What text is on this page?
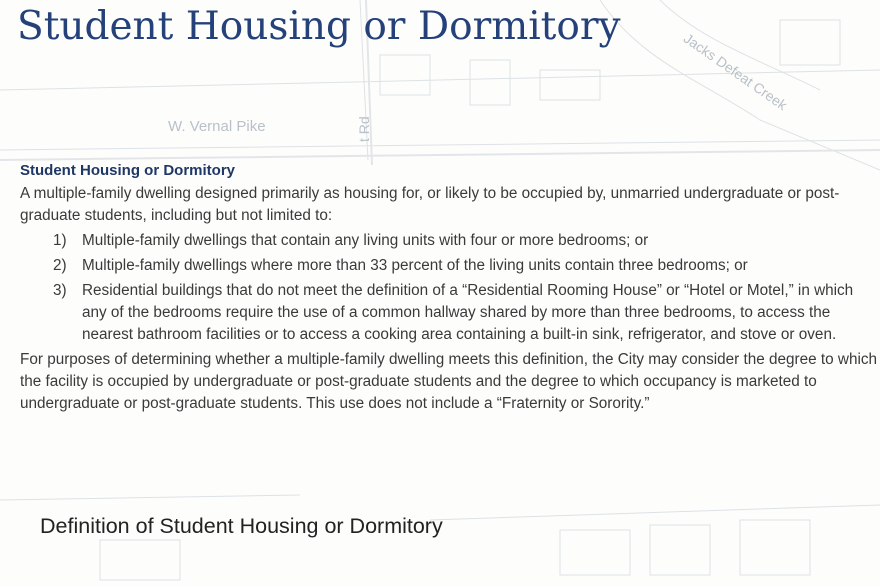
Student Housing or Dormitory
W. Vernal Pike
Jacks Defeat Creek
t Rd
Student Housing or Dormitory

A multiple-family dwelling designed primarily as housing for, or likely to be occupied by, unmarried undergraduate or post-graduate students, including but not limited to:

1)	Multiple-family dwellings that contain any living units with four or more bedrooms; or
2)	Multiple-family dwellings where more than 33 percent of the living units contain three bedrooms; or
3)	Residential buildings that do not meet the definition of a “Residential Rooming House” or “Hotel or Motel,” in which any of the bedrooms require the use of a common hallway shared by more than three bedrooms, to access the nearest bathroom facilities or to access a cooking area containing a built-in sink, refrigerator, and stove or oven.

For purposes of determining whether a multiple-family dwelling meets this definition, the City may consider the degree to which the facility is occupied by undergraduate or post-graduate students and the degree to which occupancy is marketed to undergraduate or post-graduate students. This use does not include a “Fraternity or Sorority.”

Definition of Student Housing or Dormitory
